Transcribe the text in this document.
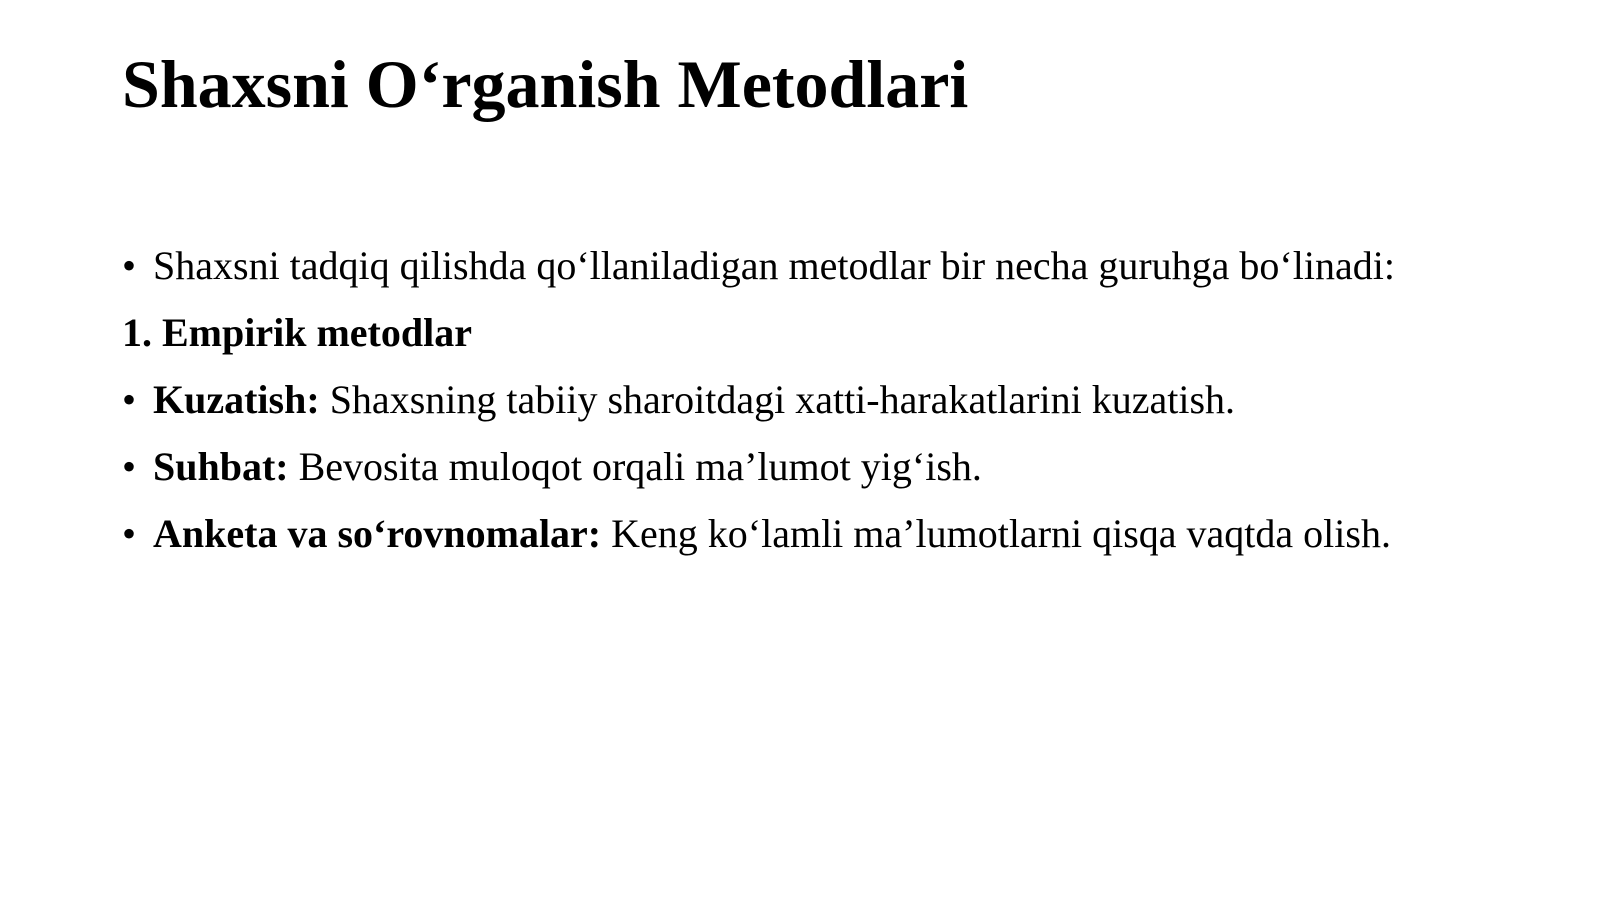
Shaxsni O‘rganish Metodlari
• Shaxsni tadqiq qilishda qo‘llaniladigan metodlar bir necha guruhga bo‘linadi:
1. Empirik metodlar
• Kuzatish: Shaxsning tabiiy sharoitdagi xatti-harakatlarini kuzatish.
• Suhbat: Bevosita muloqot orqali ma’lumot yig‘ish.
• Anketa va so‘rovnomalar: Keng ko‘lamli ma’lumotlarni qisqa vaqtda olish.
